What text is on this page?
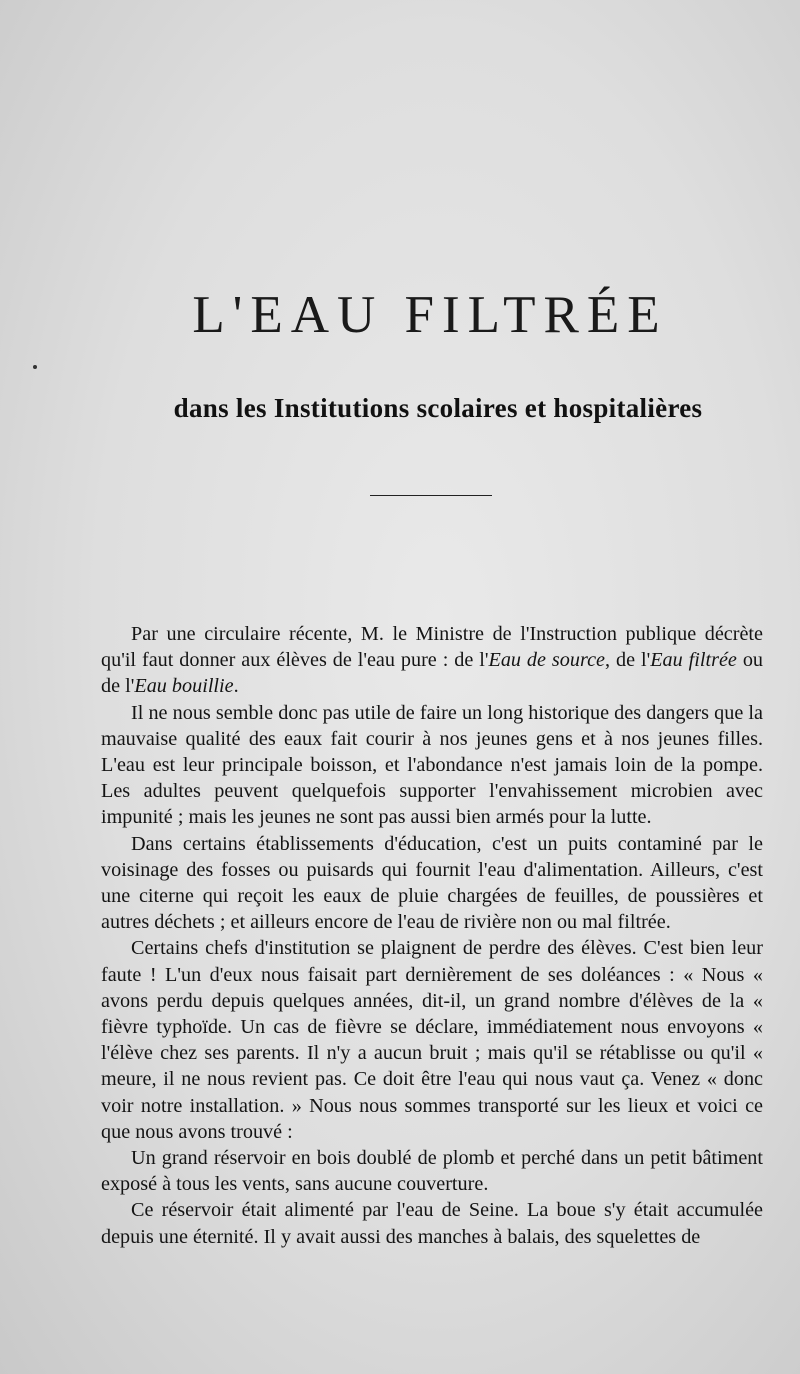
L'EAU FILTRÉE
dans les Institutions scolaires et hospitalières

Par une circulaire récente, M. le Ministre de l'Instruction publique décrète qu'il faut donner aux élèves de l'eau pure : de l'Eau de source, de l'Eau filtrée ou de l'Eau bouillie.

Il ne nous semble donc pas utile de faire un long historique des dangers que la mauvaise qualité des eaux fait courir à nos jeunes gens et à nos jeunes filles. L'eau est leur principale boisson, et l'abondance n'est jamais loin de la pompe. Les adultes peuvent quelquefois supporter l'envahissement microbien avec impunité ; mais les jeunes ne sont pas aussi bien armés pour la lutte.

Dans certains établissements d'éducation, c'est un puits contaminé par le voisinage des fosses ou puisards qui fournit l'eau d'alimentation. Ailleurs, c'est une citerne qui reçoit les eaux de pluie chargées de feuilles, de poussières et autres déchets ; et ailleurs encore de l'eau de rivière non ou mal filtrée.

Certains chefs d'institution se plaignent de perdre des élèves. C'est bien leur faute ! L'un d'eux nous faisait part dernièrement de ses doléances : « Nous « avons perdu depuis quelques années, dit-il, un grand nombre d'élèves de la « fièvre typhoïde. Un cas de fièvre se déclare, immédiatement nous envoyons « l'élève chez ses parents. Il n'y a aucun bruit ; mais qu'il se rétablisse ou qu'il « meure, il ne nous revient pas. Ce doit être l'eau qui nous vaut ça. Venez « donc voir notre installation. » Nous nous sommes transporté sur les lieux et voici ce que nous avons trouvé :

Un grand réservoir en bois doublé de plomb et perché dans un petit bâtiment exposé à tous les vents, sans aucune couverture.

Ce réservoir était alimenté par l'eau de Seine. La boue s'y était accumulée depuis une éternité. Il y avait aussi des manches à balais, des squelettes de
